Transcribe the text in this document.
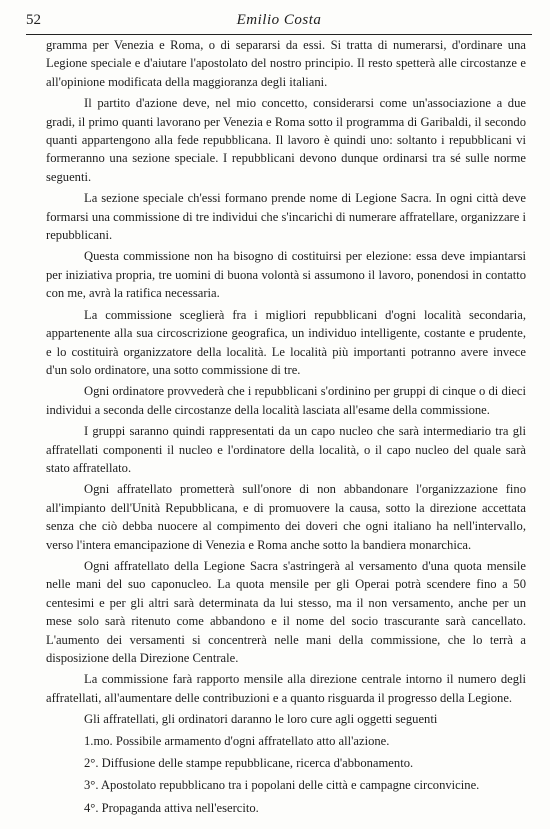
52	Emilio Costa

gramma per Venezia e Roma, o di separarsi da essi. Si tratta di numerarsi, d'ordinare una Legione speciale e d'aiutare l'apostolato del nostro principio. Il resto spetterà alle circostanze e all'opinione modificata della maggioranza degli italiani.

Il partito d'azione deve, nel mio concetto, considerarsi come un'associazione a due gradi, il primo quanti lavorano per Venezia e Roma sotto il programma di Garibaldi, il secondo quanti appartengono alla fede repubblicana. Il lavoro è quindi uno: soltanto i repubblicani vi formeranno una sezione speciale. I repubblicani devono dunque ordinarsi tra sé sulle norme seguenti.

La sezione speciale ch'essi formano prende nome di Legione Sacra. In ogni città deve formarsi una commissione di tre individui che s'incarichi di numerare affratellare, organizzare i repubblicani.

Questa commissione non ha bisogno di costituirsi per elezione: essa deve impiantarsi per iniziativa propria, tre uomini di buona volontà si assumono il lavoro, ponendosi in contatto con me, avrà la ratifica necessaria.

La commissione sceglierà fra i migliori repubblicani d'ogni località secondaria, appartenente alla sua circoscrizione geografica, un individuo intelligente, costante e prudente, e lo costituirà organizzatore della località. Le località più importanti potranno avere invece d'un solo ordinatore, una sotto commissione di tre.

Ogni ordinatore provvederà che i repubblicani s'ordinino per gruppi di cinque o di dieci individui a seconda delle circostanze della località lasciata all'esame della commissione.

I gruppi saranno quindi rappresentati da un capo nucleo che sarà intermediario tra gli affratellati componenti il nucleo e l'ordinatore della località, o il capo nucleo del quale sarà stato affratellato.

Ogni affratellato prometterà sull'onore di non abbandonare l'organizzazione fino all'impianto dell'Unità Repubblicana, e di promuovere la causa, sotto la direzione accettata senza che ciò debba nuocere al compimento dei doveri che ogni italiano ha nell'intervallo, verso l'intera emancipazione di Venezia e Roma anche sotto la bandiera monarchica.

Ogni affratellato della Legione Sacra s'astringerà al versamento d'una quota mensile nelle mani del suo caponucleo. La quota mensile per gli Operai potrà scendere fino a 50 centesimi e per gli altri sarà determinata da lui stesso, ma il non versamento, anche per un mese solo sarà ritenuto come abbandono e il nome del socio trascurante sarà cancellato. L'aumento dei versamenti si concentrerà nelle mani della commissione, che lo terrà a disposizione della Direzione Centrale.

La commissione farà rapporto mensile alla direzione centrale intorno il numero degli affratellati, all'aumentare delle contribuzioni e a quanto risguarda il progresso della Legione.

Gli affratellati, gli ordinatori daranno le loro cure agli oggetti seguenti

1.mo. Possibile armamento d'ogni affratellato atto all'azione.

2°. Diffusione delle stampe repubblicane, ricerca d'abbonamento.

3°. Apostolato repubblicano tra i popolani delle città e campagne circonvicine.

4°. Propaganda attiva nell'esercito.
